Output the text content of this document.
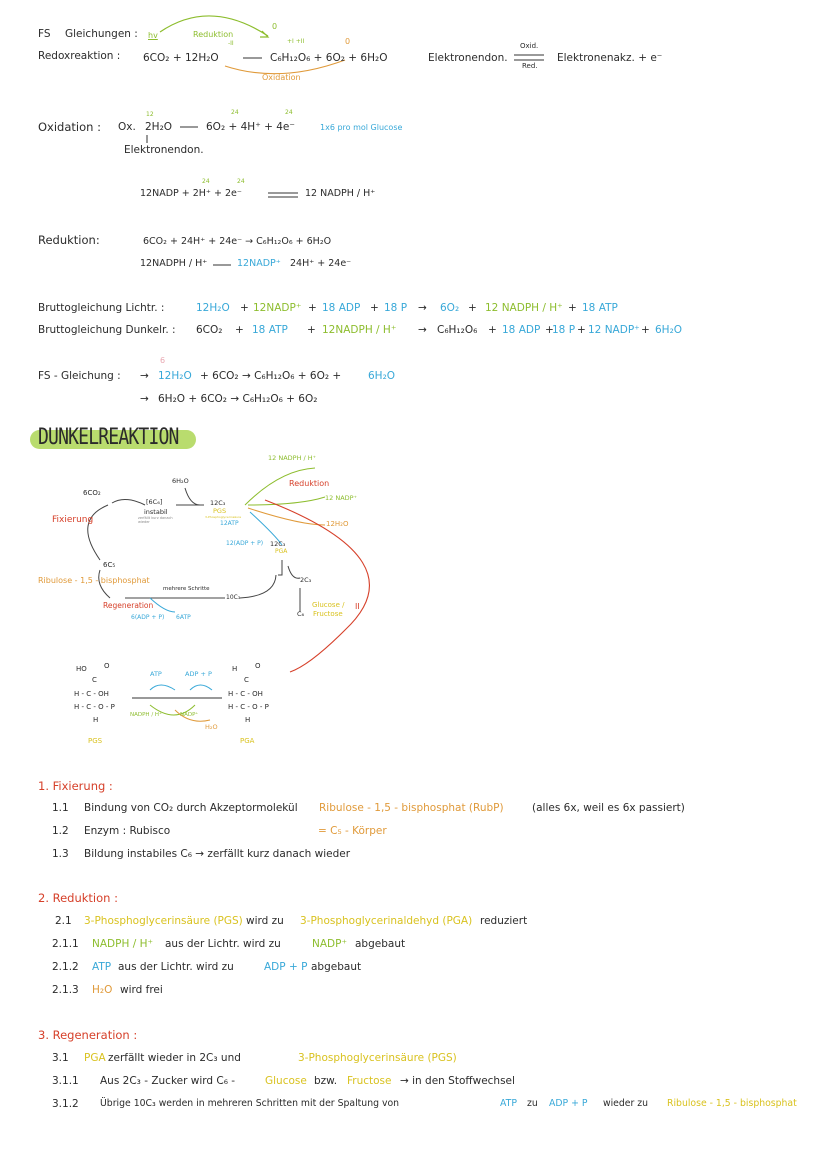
FS Gleichungen : hv	Reduktion
-II	+I +II
0
0
Redoxreaktion : 6CO₂ + 12H₂O	C₆H₁₂O₆ + 6O₂ + 6H₂O
Oxidation
Elektronendon.
Oxid.
Red.
Elektronenakz. + e⁻
Oxidation : Ox.
12	24	24
2H₂O	6O₂ + 4H⁺ + 4e⁻	1x6 pro mol Glucose
Elektronendon.
24	24
12NADP + 2H⁺ + 2e⁻	12 NADPH / H⁺
Reduktion:	6CO₂ + 24H⁺ + 24e⁻ → C₆H₁₂O₆ + 6H₂O
12NADPH / H⁺	12NADP⁺ 24H⁺ + 24e⁻
Bruttogleichung Lichtr. :	12H₂O + 12NADP⁺ + 18 ADP + 18 P → 6O₂ + 12 NADPH / H⁺ + 18 ATP
Bruttogleichung Dunkelr. : 6CO₂ + 18 ATP + 12NADPH / H⁺ → C₆H₁₂O₆ + 18 ADP +
18 P + 12 NADP⁺ + 6H₂O
FS - Gleichung :
6
→ 12H₂O + 6CO₂ → C₆H₁₂O₆ + 6O₂ +	6H₂O
→ 6H₂O + 6CO₂ → C₆H₁₂O₆ + 6O₂
DUNKELREAKTION
12 NADPH / H⁺
Reduktion
12 NADP⁺
12H₂O
6H₂O
6CO₂
[6C₆]
instabil
zerfällt kurz danach wieder
12C₃
PGS
3-Phosphoglycerinsäure
12ATP
12(ADP + P) 12C₃
PGA
Fixierung
6C₅
Ribulose - 1,5 - bisphosphat
mehrere Schritte
10C₃
Regeneration
6(ADP + P) 6ATP
2C₃
C₆
Glucose /
Fructose
II
HO O
C
H - C - OH
H - C - O - P
H
PGS
ATP	ADP + P
NADPH / H⁺	NADP⁺
H₂O
H	O
C
H - C - OH
H - C - O - P
H
PGA
1. Fixierung :
1.1 Bindung von CO₂ durch Akzeptormolekül Ribulose - 1,5 - bisphosphat (RubP)	(alles 6x, weil es 6x passiert)
1.2 Enzym : Rubisco	= C₅ - Körper
1.3 Bildung instabiles C₆ → zerfällt kurz danach wieder
2. Reduktion :
2.1 3-Phosphoglycerinsäure (PGS) wird zu 3-Phosphoglycerinaldehyd (PGA) reduziert
2.1.1 NADPH / H⁺ aus der Lichtr. wird zu	NADP⁺ abgebaut
2.1.2 ATP aus der Lichtr. wird zu	ADP + P abgebaut
2.1.3 H₂O wird frei
3. Regeneration :
3.1 PGA zerfällt wieder in 2C₃ und	3-Phosphoglycerinsäure (PGS)
3.1.1 Aus 2C₃ - Zucker wird C₆ -	Glucose bzw. Fructose → in den Stoffwechsel
3.1.2 Übrige 10C₃ werden in mehreren Schritten mit der Spaltung von	ATP zu ADP + P wieder zu Ribulose - 1,5 - bisphosphat
